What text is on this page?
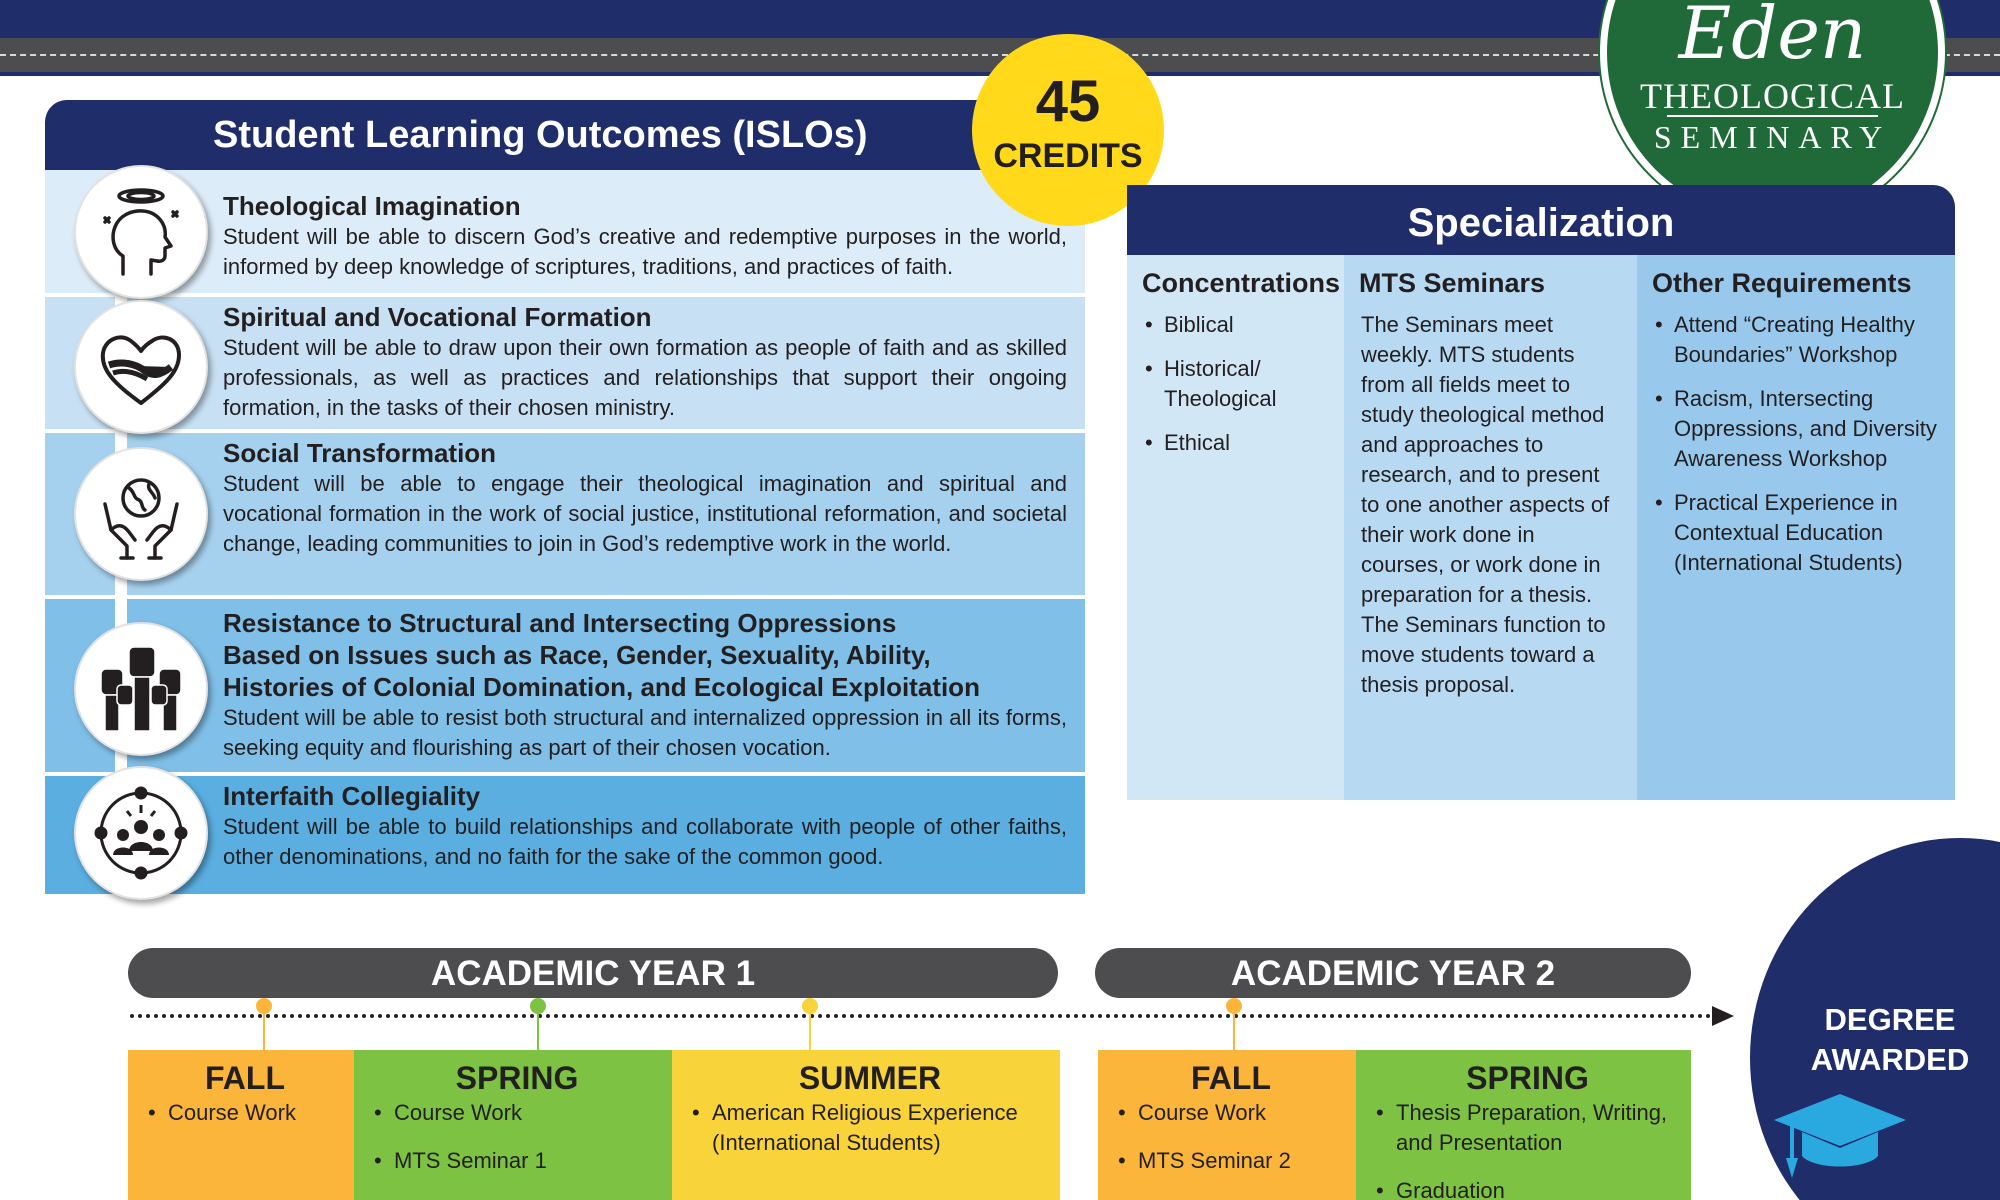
Eden
THEOLOGICAL
SEMINARY
Student Learning Outcomes (ISLOs)
Theological Imagination
Student will be able to discern God’s creative and redemptive purposes in the world, informed by deep knowledge of scriptures, traditions, and practices of faith.
Spiritual and Vocational Formation
Student will be able to draw upon their own formation as people of faith and as skilled professionals, as well as practices and relationships that support their ongoing formation, in the tasks of their chosen ministry.
Social Transformation
Student will be able to engage their theological imagination and spiritual and vocational formation in the work of social justice, institutional reformation, and societal change, leading communities to join in God’s redemptive work in the world.
Resistance to Structural and Intersecting Oppressions
Based on Issues such as Race, Gender, Sexuality, Ability,
Histories of Colonial Domination, and Ecological Exploitation
Student will be able to resist both structural and internalized oppression in all its forms, seeking equity and flourishing as part of their chosen vocation.
Interfaith Collegiality
Student will be able to build relationships and collaborate with people of other faiths, other denominations, and no faith for the sake of the common good.
45
CREDITS
Specialization
Concentrations
• Biblical
• Historical/ Theological
• Ethical
MTS Seminars

The Seminars meet weekly. MTS students from all fields meet to study theological method and approaches to research, and to present to one another aspects of their work done in courses, or work done in preparation for a thesis. The Seminars function to move students toward a thesis proposal.

Other Requirements
• Attend “Creating Healthy Boundaries” Workshop
• Racism, Intersecting Oppressions, and Diversity Awareness Workshop
• Practical Experience in Contextual Education (International Students)
ACADEMIC YEAR 1	ACADEMIC YEAR 2
FALL
• Course Work
SPRING
• Course Work
• MTS Seminar 1
SUMMER
• American Religious Experience (International Students)
FALL
• Course Work
• MTS Seminar 2
SPRING
• Thesis Preparation, Writing, and Presentation
• Graduation
DEGREE AWARDED
